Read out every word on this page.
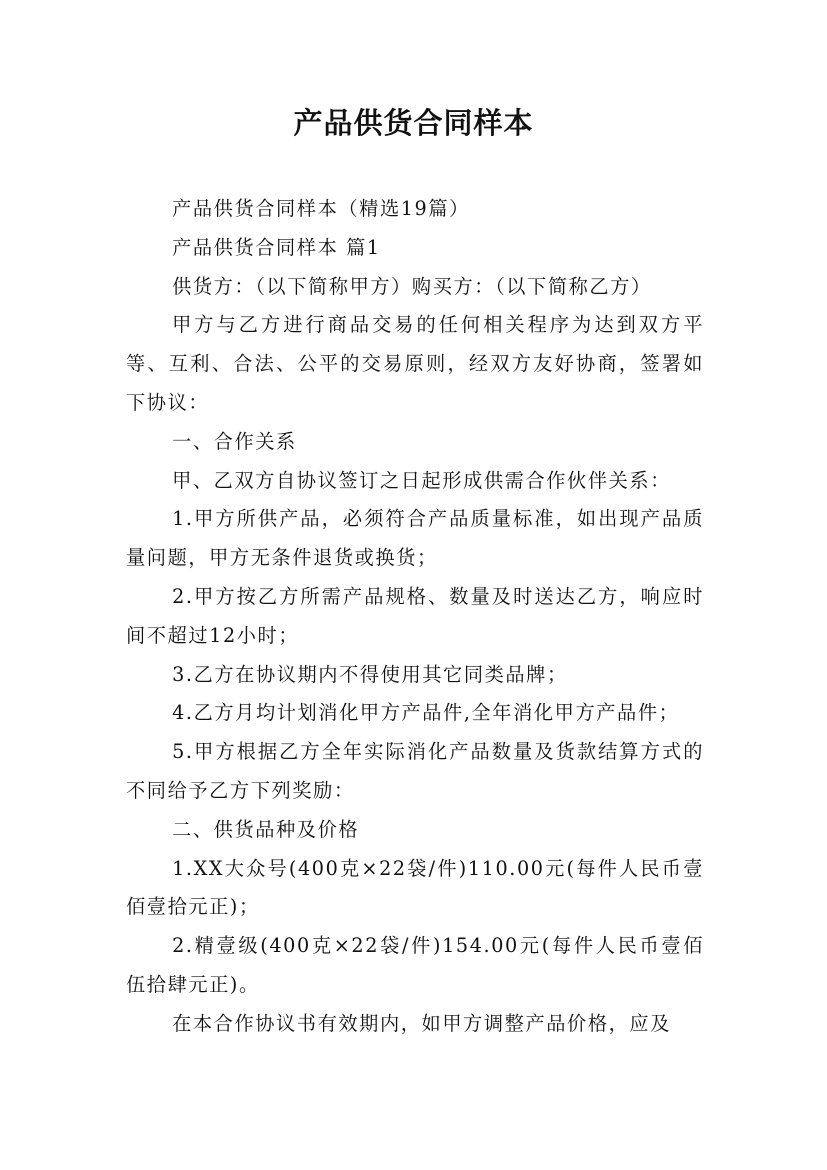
产品供货合同样本

产品供货合同样本（精选19篇）

产品供货合同样本 篇1

供货方：（以下简称甲方）购买方：（以下简称乙方）

甲方与乙方进行商品交易的任何相关程序为达到双方平等、互利、合法、公平的交易原则，经双方友好协商，签署如下协议：

一、合作关系

甲、乙双方自协议签订之日起形成供需合作伙伴关系：

1.甲方所供产品，必须符合产品质量标准，如出现产品质量问题，甲方无条件退货或换货；

2.甲方按乙方所需产品规格、数量及时送达乙方，响应时间不超过12小时；

3.乙方在协议期内不得使用其它同类品牌；

4.乙方月均计划消化甲方产品件,全年消化甲方产品件；

5.甲方根据乙方全年实际消化产品数量及货款结算方式的不同给予乙方下列奖励：

二、供货品种及价格

1.XX大众号(400克×22袋/件)110.00元(每件人民币壹佰壹拾元正)；

2.精壹级(400克×22袋/件)154.00元(每件人民币壹佰伍拾肆元正)。

在本合作协议书有效期内，如甲方调整产品价格，应及
